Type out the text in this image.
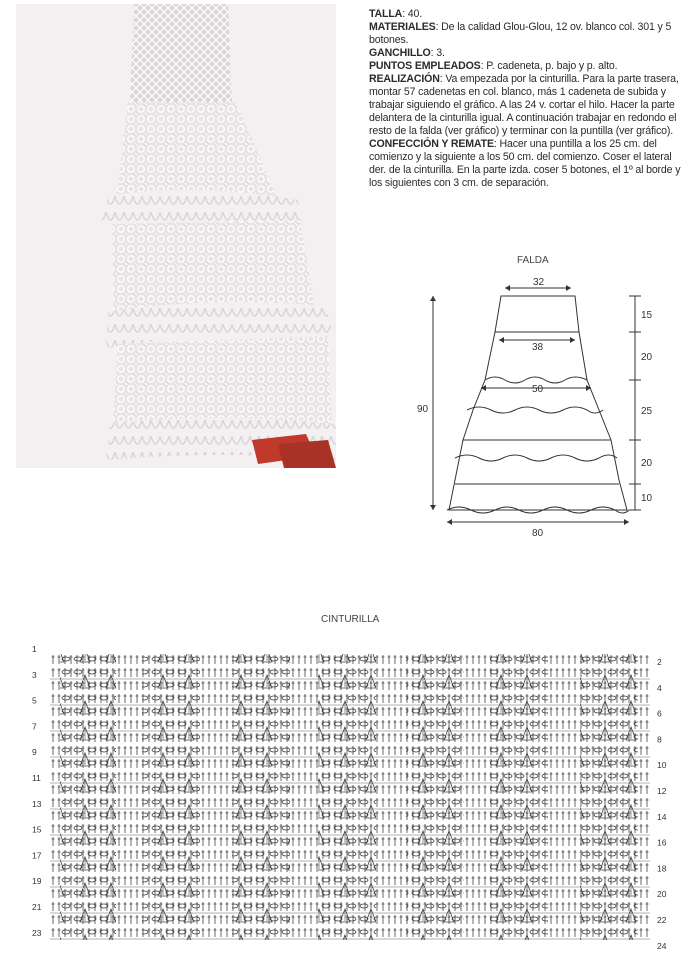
TALLA: 40.

MATERIALES: De la calidad Glou-Glou, 12 ov. blanco col. 301 y 5 botones.

GANCHILLO: 3.

PUNTOS EMPLEADOS: P. cadeneta, p. bajo y p. alto.

REALIZACIÓN: Va empezada por la cinturilla. Para la parte trasera, montar 57 cadenetas en col. blanco, más 1 cadeneta de subida y trabajar siguiendo el gráfico. A las 24 v. cortar el hilo. Hacer la parte delantera de la cinturilla igual. A continuación trabajar en redondo el resto de la falda (ver gráfico) y terminar con la puntilla (ver gráfico).

CONFECCIÓN Y REMATE: Hacer una puntilla a los 25 cm. del comienzo y la siguiente a los 50 cm. del comienzo. Coser el lateral der. de la cinturilla. En la parte izda. coser 5 botones, el 1º al borde y los siguientes con 3 cm. de separación.

FALDA
32
38
50
80
90
15
20
25
20
10
CINTURILLA
1
3
5
7
9
11
13
15
17
19
21
23
2
4
6
8
10
12
14
16
18
20
22
24
